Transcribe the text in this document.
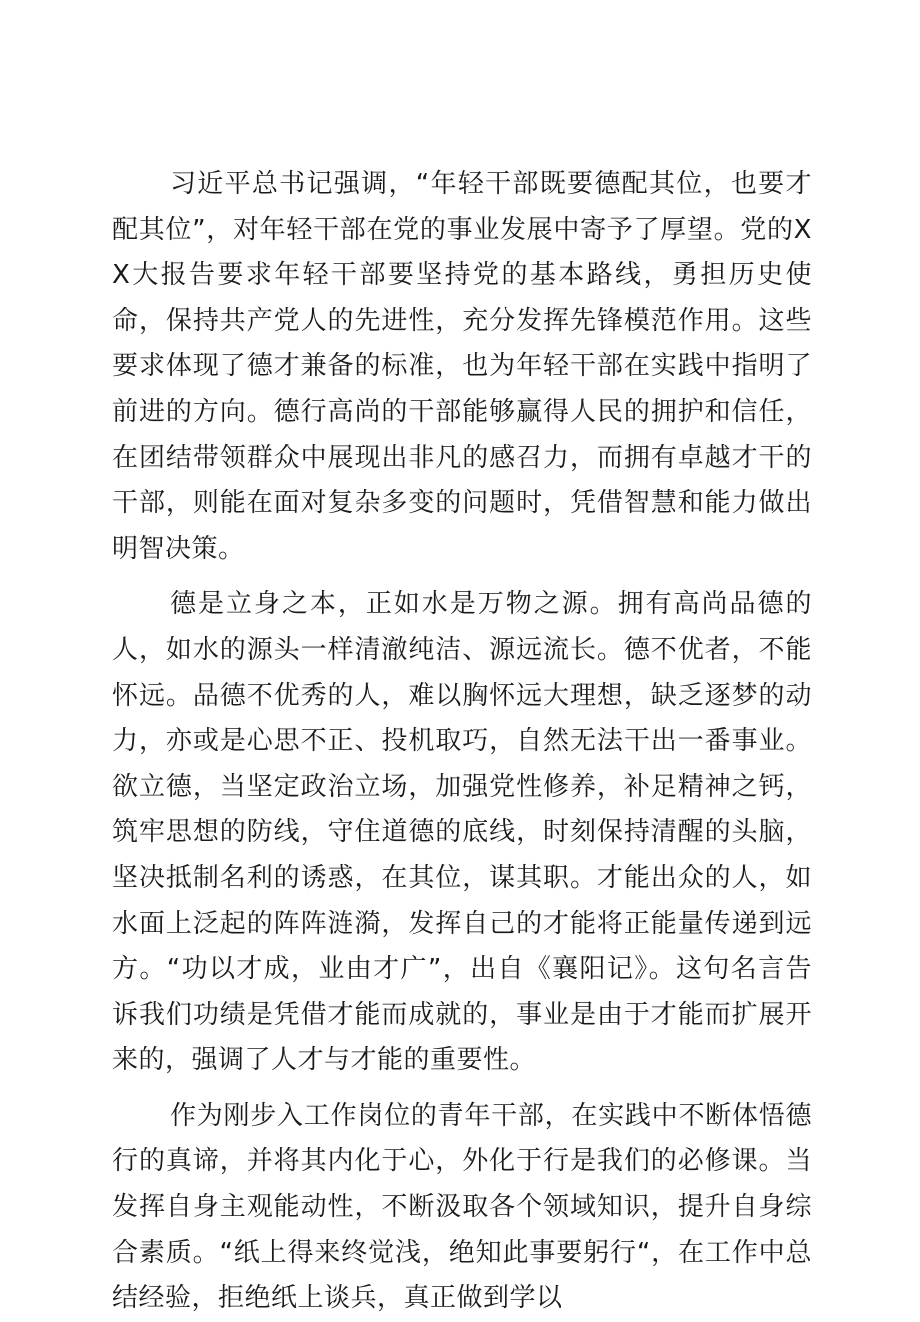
习近平总书记强调，“年轻干部既要德配其位，也要才配其位”，对年轻干部在党的事业发展中寄予了厚望。党的XX大报告要求年轻干部要坚持党的基本路线，勇担历史使命，保持共产党人的先进性，充分发挥先锋模范作用。这些要求体现了德才兼备的标准，也为年轻干部在实践中指明了前进的方向。德行高尚的干部能够赢得人民的拥护和信任，在团结带领群众中展现出非凡的感召力，而拥有卓越才干的干部，则能在面对复杂多变的问题时，凭借智慧和能力做出明智决策。

德是立身之本，正如水是万物之源。拥有高尚品德的人，如水的源头一样清澈纯洁、源远流长。德不优者，不能怀远。品德不优秀的人，难以胸怀远大理想，缺乏逐梦的动力，亦或是心思不正、投机取巧，自然无法干出一番事业。欲立德，当坚定政治立场，加强党性修养，补足精神之钙，筑牢思想的防线，守住道德的底线，时刻保持清醒的头脑，坚决抵制名利的诱惑，在其位，谋其职。才能出众的人，如水面上泛起的阵阵涟漪，发挥自己的才能将正能量传递到远方。“功以才成，业由才广”，出自《襄阳记》。这句名言告诉我们功绩是凭借才能而成就的，事业是由于才能而扩展开来的，强调了人才与才能的重要性。

作为刚步入工作岗位的青年干部，在实践中不断体悟德行的真谛，并将其内化于心，外化于行是我们的必修课。当发挥自身主观能动性，不断汲取各个领域知识，提升自身综合素质。“纸上得来终觉浅，绝知此事要躬行“，在工作中总结经验，拒绝纸上谈兵，真正做到学以
